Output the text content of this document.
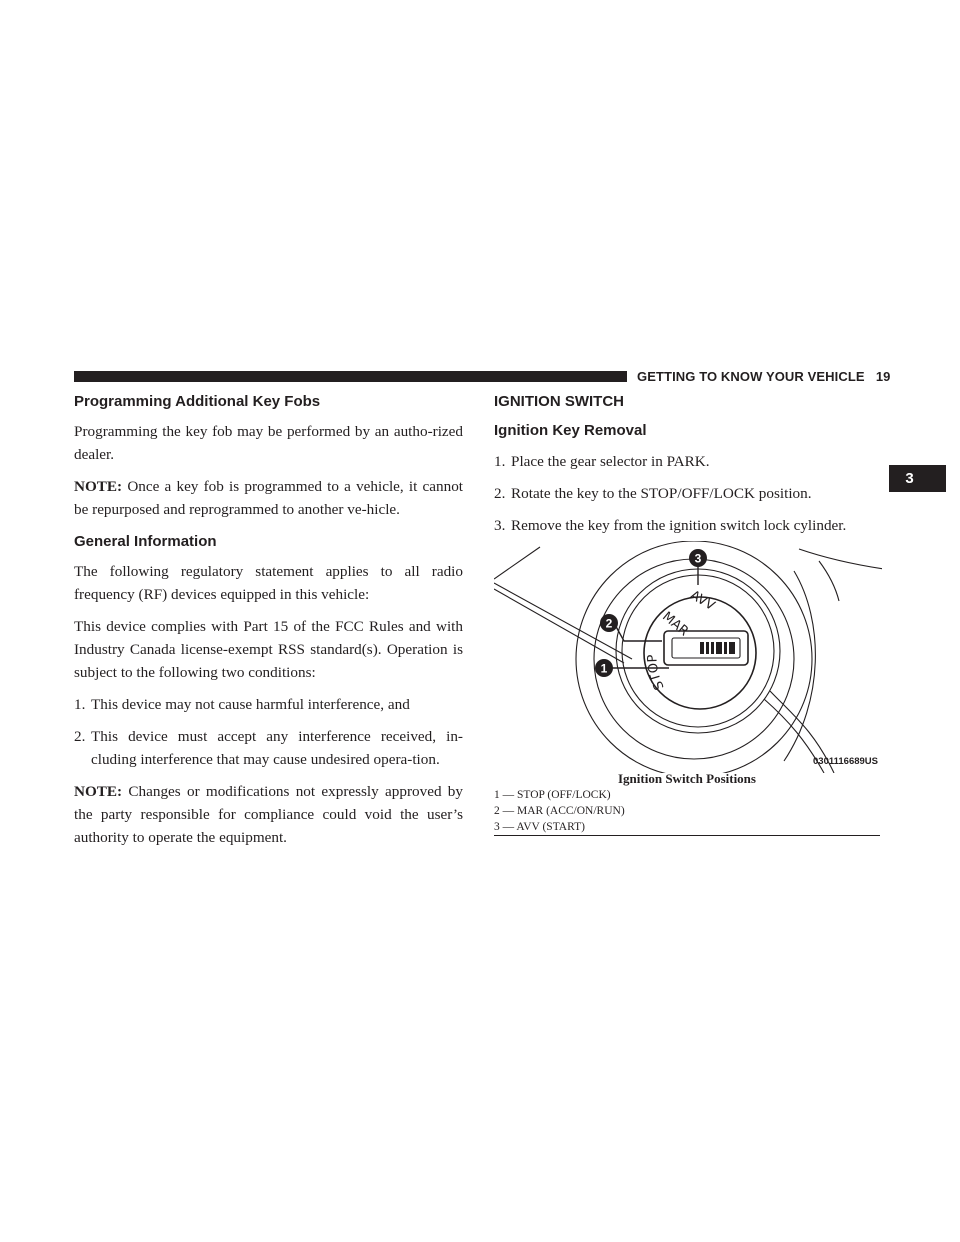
GETTING TO KNOW YOUR VEHICLE 19
3
Programming Additional Key Fobs

Programming the key fob may be performed by an autho-rized dealer.

NOTE: Once a key fob is programmed to a vehicle, it cannot be repurposed and reprogrammed to another ve-hicle.

General Information

The following regulatory statement applies to all radio frequency (RF) devices equipped in this vehicle:

This device complies with Part 15 of the FCC Rules and with Industry Canada license-exempt RSS standard(s). Operation is subject to the following two conditions:

1. This device may not cause harmful interference, and

2. This device must accept any interference received, in-cluding interference that may cause undesired opera-tion.

NOTE: Changes or modifications not expressly approved by the party responsible for compliance could void the user’s authority to operate the equipment.

IGNITION SWITCH
Ignition Key Removal

1. Place the gear selector in PARK.

2. Rotate the key to the STOP/OFF/LOCK position.

3. Remove the key from the ignition switch lock cylinder.

STOP
MAR
AVV
1
2
3
0301116689US
Ignition Switch Positions
1 — STOP (OFF/LOCK)
2 — MAR (ACC/ON/RUN)
3 — AVV (START)
